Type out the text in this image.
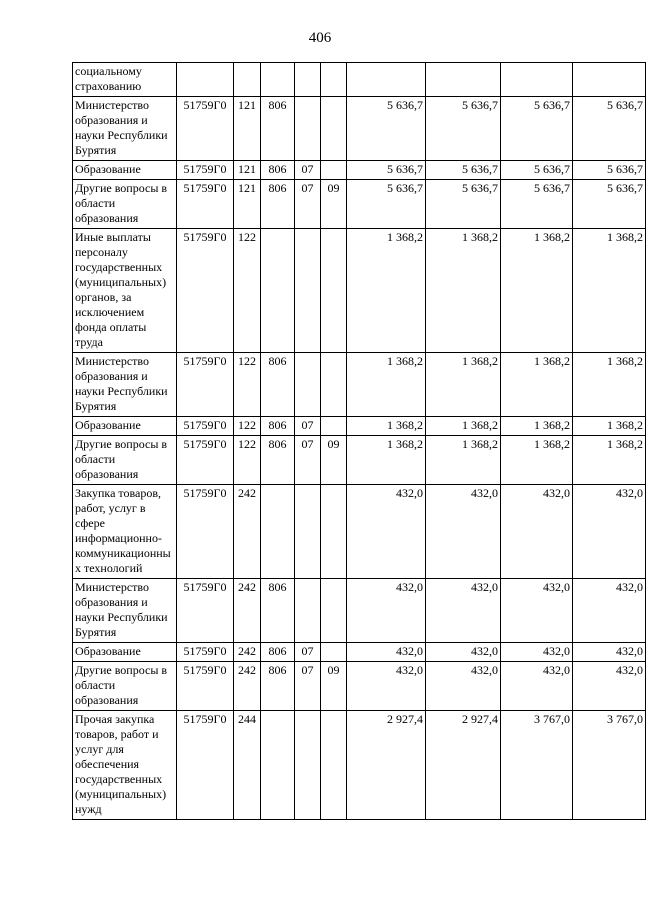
406
социальному страхованию									
Министерство образования и науки Республики Бурятия	51759Г0	121	806			5 636,7	5 636,7	5 636,7	5 636,7
Образование	51759Г0	121	806	07		5 636,7	5 636,7	5 636,7	5 636,7
Другие вопросы в области образования	51759Г0	121	806	07	09	5 636,7	5 636,7	5 636,7	5 636,7
Иные выплаты персоналу государственных (муниципальных) органов, за исключением фонда оплаты труда	51759Г0	122				1 368,2	1 368,2	1 368,2	1 368,2
Министерство образования и науки Республики Бурятия	51759Г0	122	806			1 368,2	1 368,2	1 368,2	1 368,2
Образование	51759Г0	122	806	07		1 368,2	1 368,2	1 368,2	1 368,2
Другие вопросы в области образования	51759Г0	122	806	07	09	1 368,2	1 368,2	1 368,2	1 368,2
Закупка товаров, работ, услуг в сфере информационно-коммуникационных технологий	51759Г0	242				432,0	432,0	432,0	432,0
Министерство образования и науки Республики Бурятия	51759Г0	242	806			432,0	432,0	432,0	432,0
Образование	51759Г0	242	806	07		432,0	432,0	432,0	432,0
Другие вопросы в области образования	51759Г0	242	806	07	09	432,0	432,0	432,0	432,0
Прочая закупка товаров, работ и услуг для обеспечения государственных (муниципальных) нужд	51759Г0	244				2 927,4	2 927,4	3 767,0	3 767,0
